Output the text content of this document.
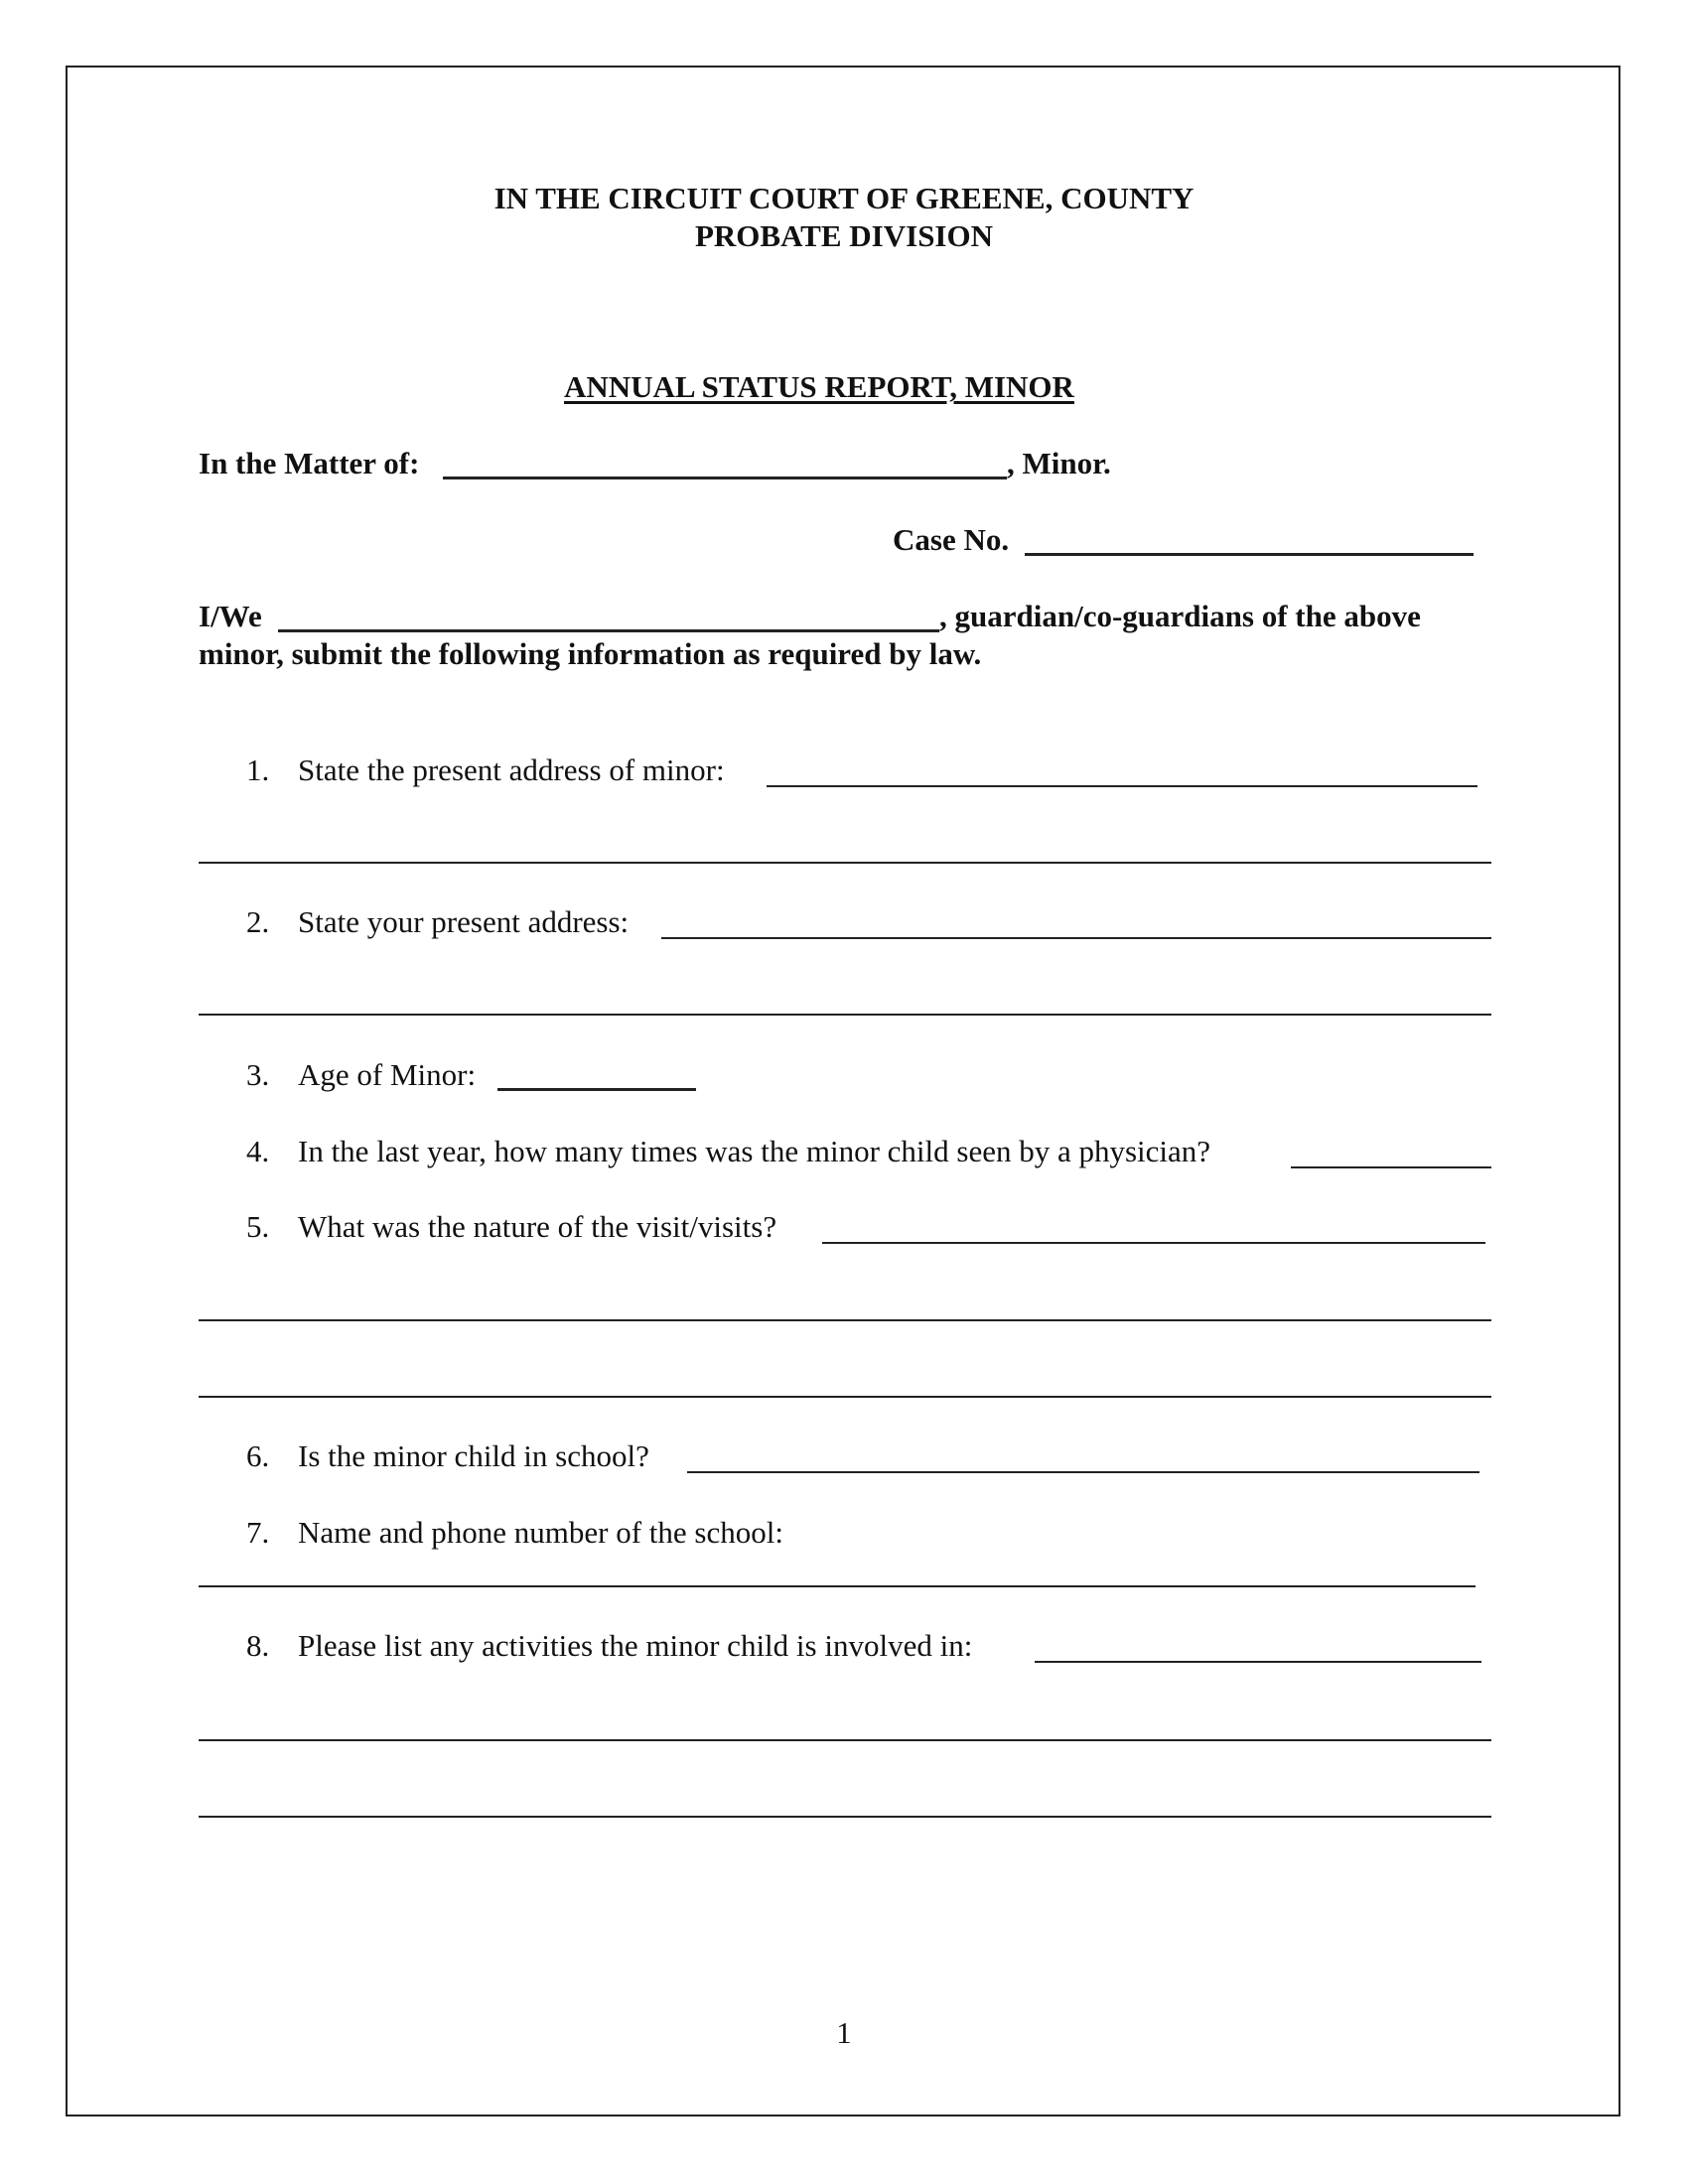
IN THE CIRCUIT COURT OF GREENE, COUNTY
PROBATE DIVISION
ANNUAL STATUS REPORT, MINOR
In the Matter of:	, Minor.
Case No.
I/We	, guardian/co-guardians of the above
minor, submit the following information as required by law.
1. State the present address of minor:
2. State your present address:
3. Age of Minor:
4. In the last year, how many times was the minor child seen by a physician?
5. What was the nature of the visit/visits?
6. Is the minor child in school?
7. Name and phone number of the school:
8. Please list any activities the minor child is involved in:
1
